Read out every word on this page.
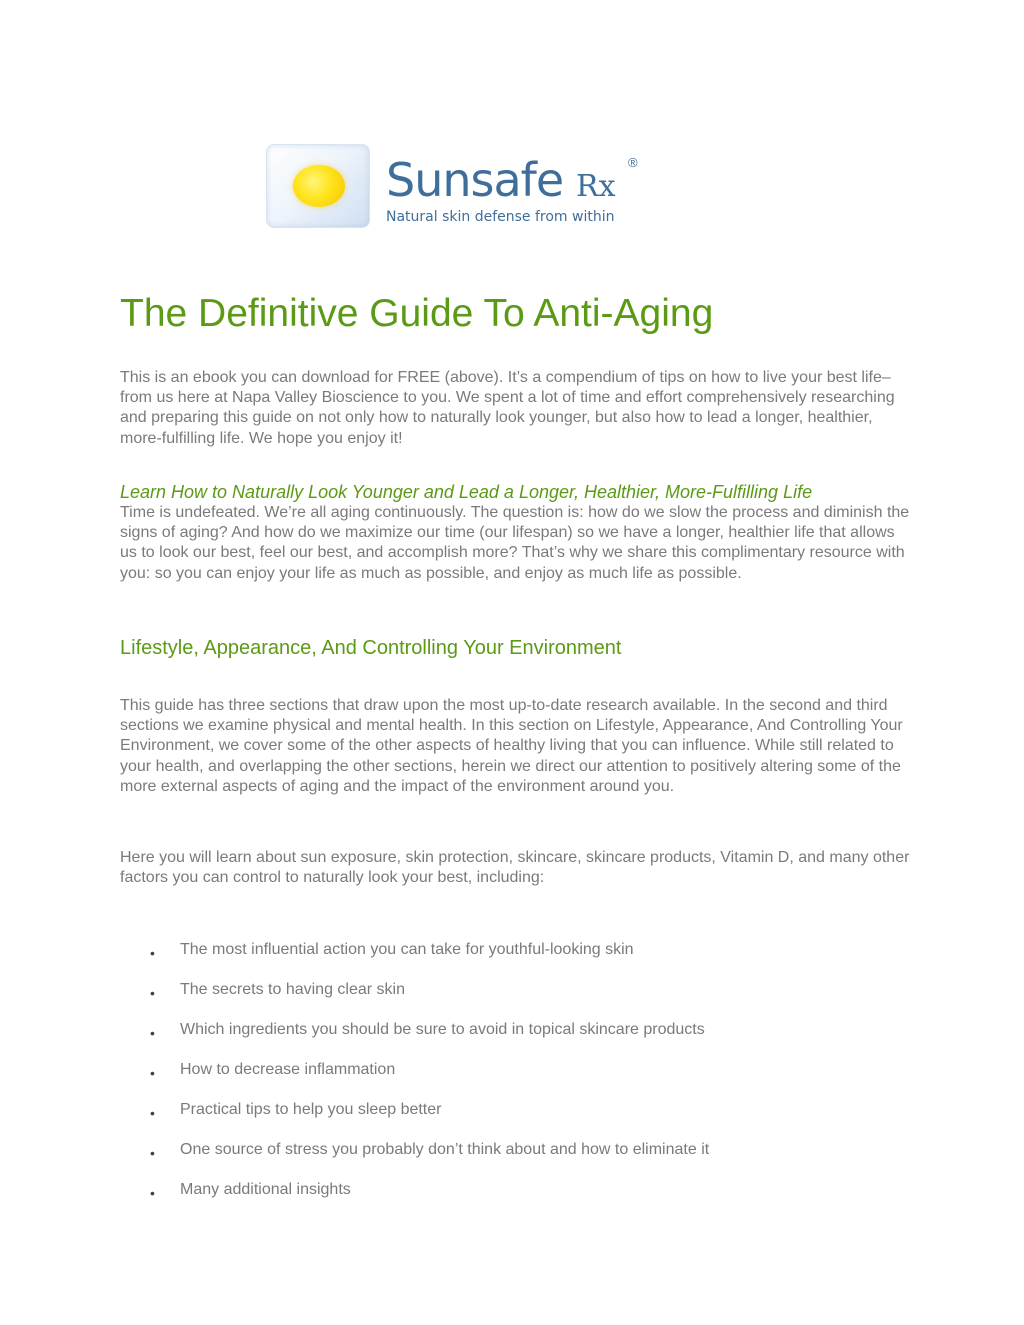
Sunsafe Rx
®
Natural skin defense from within
The Definitive Guide To Anti-Aging

This is an ebook you can download for FREE (above). It’s a compendium of tips on how to live your best life–from us here at Napa Valley Bioscience to you. We spent a lot of time and effort comprehensively researching and preparing this guide on not only how to naturally look younger, but also how to lead a longer, healthier, more-fulfilling life. We hope you enjoy it!

Learn How to Naturally Look Younger and Lead a Longer, Healthier, More-Fulfilling Life

Time is undefeated. We’re all aging continuously. The question is: how do we slow the process and diminish the signs of aging? And how do we maximize our time (our lifespan) so we have a longer, healthier life that allows us to look our best, feel our best, and accomplish more? That’s why we share this complimentary resource with you: so you can enjoy your life as much as possible, and enjoy as much life as possible.

Lifestyle, Appearance, And Controlling Your Environment

This guide has three sections that draw upon the most up-to-date research available. In the second and third sections we examine physical and mental health. In this section on Lifestyle, Appearance, And Controlling Your Environment, we cover some of the other aspects of healthy living that you can influence. While still related to your health, and overlapping the other sections, herein we direct our attention to positively altering some of the more external aspects of aging and the impact of the environment around you.

Here you will learn about sun exposure, skin protection, skincare, skincare products, Vitamin D, and many other factors you can control to naturally look your best, including:

• The most influential action you can take for youthful-looking skin
• The secrets to having clear skin
• Which ingredients you should be sure to avoid in topical skincare products
• How to decrease inflammation
• Practical tips to help you sleep better
• One source of stress you probably don’t think about and how to eliminate it
• Many additional insights
